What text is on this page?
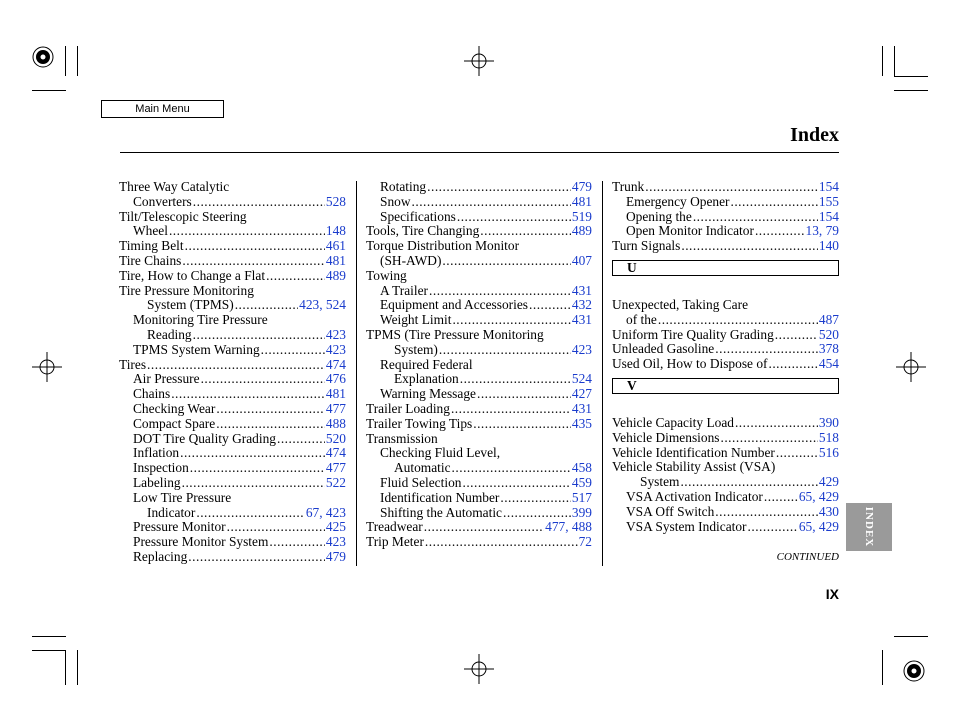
Main Menu
Index
Three Way Catalytic
Converters .....	528
Tilt/Telescopic Steering
Wheel .....	148
Timing Belt .....	461
Tire Chains .....	481
Tire, How to Change a Flat .....	489
Tire Pressure Monitoring
System (TPMS) .....	423, 524
Monitoring Tire Pressure
Reading .....	423
TPMS System Warning .....	423
Tires .....	474
Air Pressure .....	476
Chains .....	481
Checking Wear .....	477
Compact Spare .....	488
DOT Tire Quality Grading .....	520
Inflation .....	474
Inspection .....	477
Labeling .....	522
Low Tire Pressure
Indicator .....	67, 423
Pressure Monitor .....	425
Pressure Monitor System .....	423
Replacing .....	479
Rotating .....	479
Snow .....	481
Specifications .....	519
Tools, Tire Changing .....	489
Torque Distribution Monitor
(SH-AWD) .....	407
Towing
A Trailer .....	431
Equipment and Accessories .....	432
Weight Limit .....	431
TPMS (Tire Pressure Monitoring
System) .....	423
Required Federal
Explanation .....	524
Warning Message .....	427
Trailer Loading .....	431
Trailer Towing Tips .....	435
Transmission
Checking Fluid Level,
Automatic .....	458
Fluid Selection .....	459
Identification Number .....	517
Shifting the Automatic .....	399
Treadwear .....	477, 488
Trip Meter .....	72
Trunk .....	154
Emergency Opener .....	155
Opening the .....	154
Open Monitor Indicator .....	13, 79
Turn Signals .....	140
U
Unexpected, Taking Care
of the .....	487
Uniform Tire Quality Grading .....	520
Unleaded Gasoline .....	378
Used Oil, How to Dispose of .....	454
V
Vehicle Capacity Load .....	390
Vehicle Dimensions .....	518
Vehicle Identification Number .....	516
Vehicle Stability Assist (VSA)
System .....	429
VSA Activation Indicator .....	65, 429
VSA Off Switch .....	430
VSA System Indicator .....	65, 429
CONTINUED
IX
INDEX
